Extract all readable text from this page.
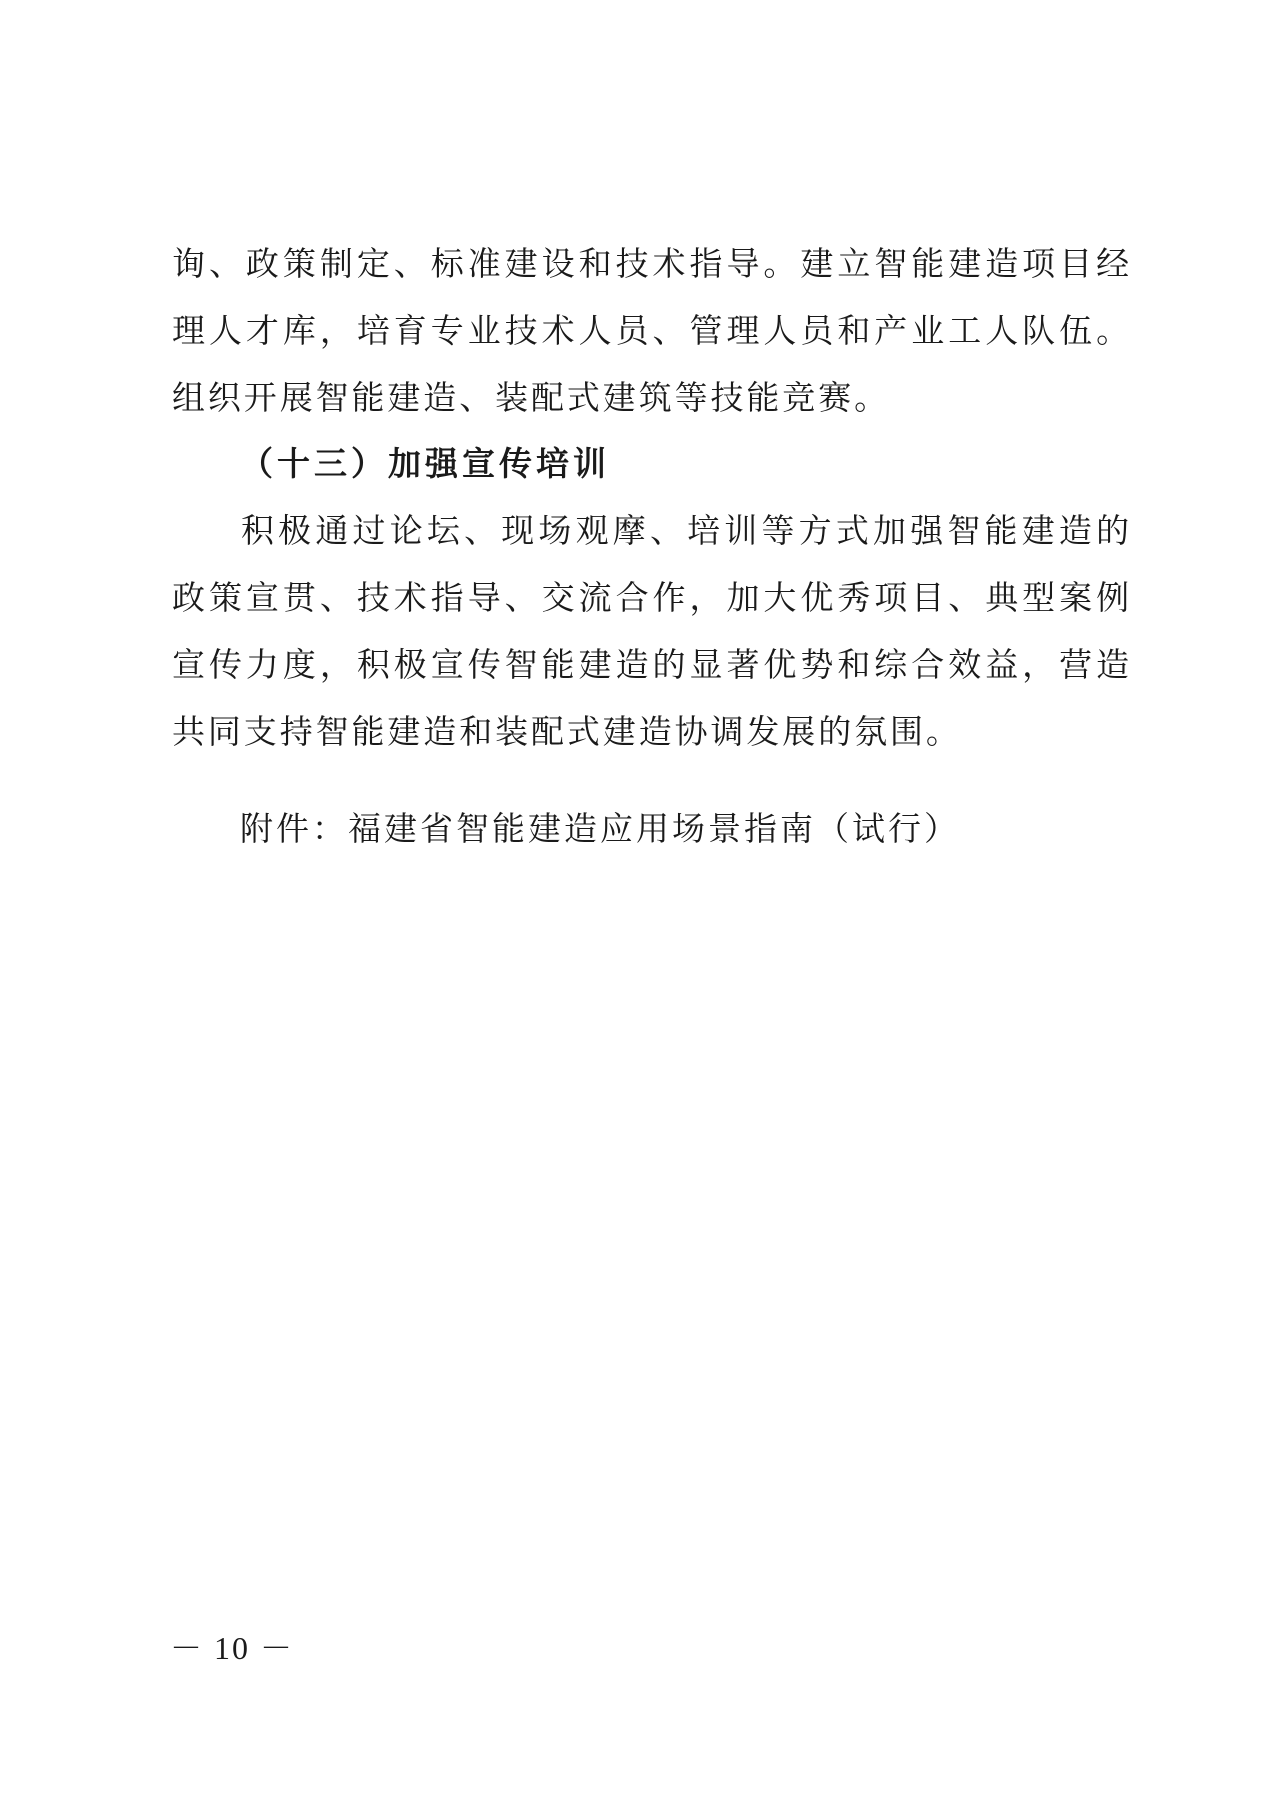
询、政策制定、标准建设和技术指导。建立智能建造项目经理人才库，培育专业技术人员、管理人员和产业工人队伍。组织开展智能建造、装配式建筑等技能竞赛。

（十三）加强宣传培训

积极通过论坛、现场观摩、培训等方式加强智能建造的政策宣贯、技术指导、交流合作，加大优秀项目、典型案例宣传力度，积极宣传智能建造的显著优势和综合效益，营造共同支持智能建造和装配式建造协调发展的氛围。

附件：福建省智能建造应用场景指南（试行）
－ 10 －
